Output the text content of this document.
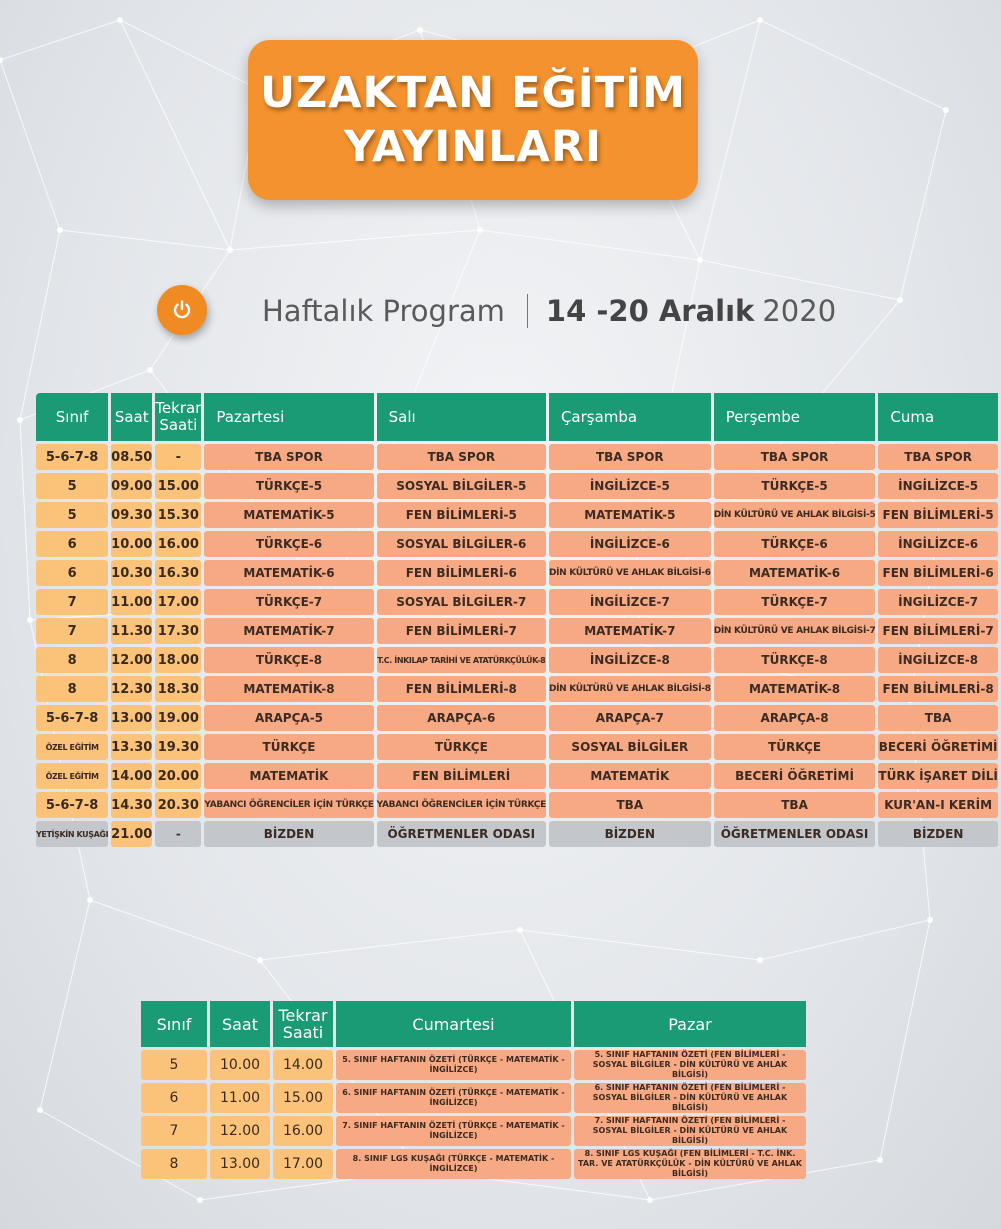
UZAKTAN EĞİTİM
YAYINLARI
Haftalık Program 14 -20 Aralık 2020
Sınıf	Saat	Tekrar Saati	Pazartesi	Salı	Çarşamba	Perşembe	Cuma
5-6-7-8	08.50	-	TBA SPOR	TBA SPOR	TBA SPOR	TBA SPOR	TBA SPOR
5	09.00	15.00	TÜRKÇE-5	SOSYAL BİLGİLER-5	İNGİLİZCE-5	TÜRKÇE-5	İNGİLİZCE-5
5	09.30	15.30	MATEMATİK-5	FEN BİLİMLERİ-5	MATEMATİK-5	DİN KÜLTÜRÜ VE AHLAK BİLGİSİ-5	FEN BİLİMLERİ-5
6	10.00	16.00	TÜRKÇE-6	SOSYAL BİLGİLER-6	İNGİLİZCE-6	TÜRKÇE-6	İNGİLİZCE-6
6	10.30	16.30	MATEMATİK-6	FEN BİLİMLERİ-6	DİN KÜLTÜRÜ VE AHLAK BİLGİSİ-6	MATEMATİK-6	FEN BİLİMLERİ-6
7	11.00	17.00	TÜRKÇE-7	SOSYAL BİLGİLER-7	İNGİLİZCE-7	TÜRKÇE-7	İNGİLİZCE-7
7	11.30	17.30	MATEMATİK-7	FEN BİLİMLERİ-7	MATEMATİK-7	DİN KÜLTÜRÜ VE AHLAK BİLGİSİ-7	FEN BİLİMLERİ-7
8	12.00	18.00	TÜRKÇE-8	T.C. İNKILAP TARİHİ VE ATATÜRKÇÜLÜK-8	İNGİLİZCE-8	TÜRKÇE-8	İNGİLİZCE-8
8	12.30	18.30	MATEMATİK-8	FEN BİLİMLERİ-8	DİN KÜLTÜRÜ VE AHLAK BİLGİSİ-8	MATEMATİK-8	FEN BİLİMLERİ-8
5-6-7-8	13.00	19.00	ARAPÇA-5	ARAPÇA-6	ARAPÇA-7	ARAPÇA-8	TBA
ÖZEL EĞİTİM	13.30	19.30	TÜRKÇE	TÜRKÇE	SOSYAL BİLGİLER	TÜRKÇE	BECERİ ÖĞRETİMİ
ÖZEL EĞİTİM	14.00	20.00	MATEMATİK	FEN BİLİMLERİ	MATEMATİK	BECERİ ÖĞRETİMİ	TÜRK İŞARET DİLİ
5-6-7-8	14.30	20.30	YABANCI ÖĞRENCİLER İÇİN TÜRKÇE	YABANCI ÖĞRENCİLER İÇİN TÜRKÇE	TBA	TBA	KUR'AN-I KERİM
YETİŞKİN KUŞAĞI	21.00	-	BİZDEN	ÖĞRETMENLER ODASI	BİZDEN	ÖĞRETMENLER ODASI	BİZDEN
Sınıf	Saat	Tekrar Saati	Cumartesi	Pazar
5	10.00	14.00	5. SINIF HAFTANIN ÖZETİ (TÜRKÇE - MATEMATİK - İNGİLİZCE)	5. SINIF HAFTANIN ÖZETİ (FEN BİLİMLERİ - SOSYAL BİLGİLER - DİN KÜLTÜRÜ VE AHLAK BİLGİSİ)
6	11.00	15.00	6. SINIF HAFTANIN ÖZETİ (TÜRKÇE - MATEMATİK - İNGİLİZCE)	6. SINIF HAFTANIN ÖZETİ (FEN BİLİMLERİ - SOSYAL BİLGİLER - DİN KÜLTÜRÜ VE AHLAK BİLGİSİ)
7	12.00	16.00	7. SINIF HAFTANIN ÖZETİ (TÜRKÇE - MATEMATİK - İNGİLİZCE)	7. SINIF HAFTANIN ÖZETİ (FEN BİLİMLERİ - SOSYAL BİLGİLER - DİN KÜLTÜRÜ VE AHLAK BİLGİSİ)
8	13.00	17.00	8. SINIF LGS KUŞAĞI (TÜRKÇE - MATEMATİK - İNGİLİZCE)	8. SINIF LGS KUŞAĞI (FEN BİLİMLERİ - T.C. İNK. TAR. VE ATATÜRKÇÜLÜK - DİN KÜLTÜRÜ VE AHLAK BİLGİSİ)
